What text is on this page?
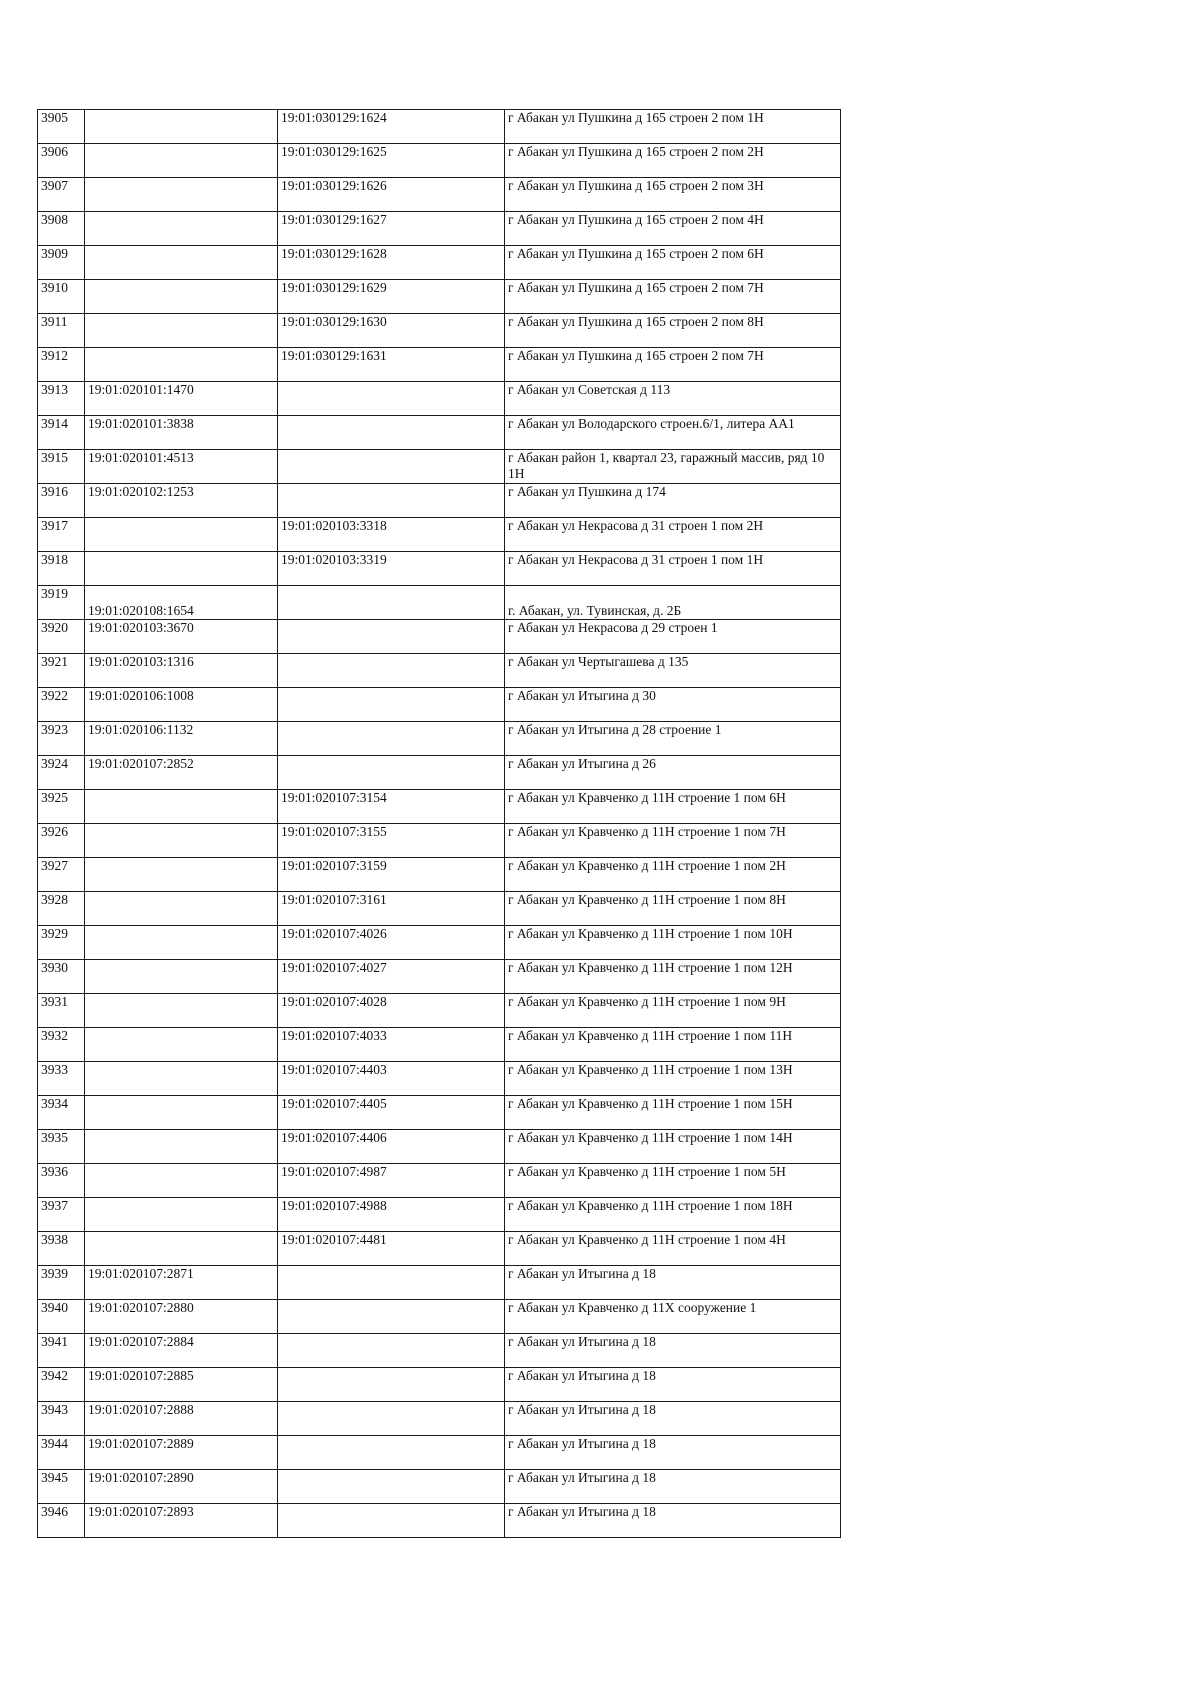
3905		19:01:030129:1624	г Абакан ул Пушкина д 165 строен 2 пом 1Н
3906		19:01:030129:1625	г Абакан ул Пушкина д 165 строен 2 пом 2Н
3907		19:01:030129:1626	г Абакан ул Пушкина д 165 строен 2 пом 3Н
3908		19:01:030129:1627	г Абакан ул Пушкина д 165 строен 2 пом 4Н
3909		19:01:030129:1628	г Абакан ул Пушкина д 165 строен 2 пом 6Н
3910		19:01:030129:1629	г Абакан ул Пушкина д 165 строен 2 пом 7Н
3911		19:01:030129:1630	г Абакан ул Пушкина д 165 строен 2 пом 8Н
3912		19:01:030129:1631	г Абакан ул Пушкина д 165 строен 2 пом 7Н
3913	19:01:020101:1470		г Абакан ул Советская д 113
3914	19:01:020101:3838		г Абакан ул Володарского строен.6/1, литера АА1
3915	19:01:020101:4513		г Абакан район 1, квартал 23, гаражный массив, ряд 10 1Н
3916	19:01:020102:1253		г Абакан ул Пушкина д 174
3917		19:01:020103:3318	г Абакан ул Некрасова д 31 строен 1 пом 2Н
3918		19:01:020103:3319	г Абакан ул Некрасова д 31 строен 1 пом 1Н
3919	19:01:020108:1654		г. Абакан, ул. Тувинская, д. 2Б
3920	19:01:020103:3670		г Абакан ул Некрасова д 29 строен 1
3921	19:01:020103:1316		г Абакан ул Чертыгашева д 135
3922	19:01:020106:1008		г Абакан ул Итыгина д 30
3923	19:01:020106:1132		г Абакан ул Итыгина д 28 строение 1
3924	19:01:020107:2852		г Абакан ул Итыгина д 26
3925		19:01:020107:3154	г Абакан ул Кравченко д 11Н строение 1 пом 6Н
3926		19:01:020107:3155	г Абакан ул Кравченко д 11Н строение 1 пом 7Н
3927		19:01:020107:3159	г Абакан ул Кравченко д 11Н строение 1 пом 2Н
3928		19:01:020107:3161	г Абакан ул Кравченко д 11Н строение 1 пом 8Н
3929		19:01:020107:4026	г Абакан ул Кравченко д 11Н строение 1 пом 10Н
3930		19:01:020107:4027	г Абакан ул Кравченко д 11Н строение 1 пом 12Н
3931		19:01:020107:4028	г Абакан ул Кравченко д 11Н строение 1 пом 9Н
3932		19:01:020107:4033	г Абакан ул Кравченко д 11Н строение 1 пом 11Н
3933		19:01:020107:4403	г Абакан ул Кравченко д 11Н строение 1 пом 13Н
3934		19:01:020107:4405	г Абакан ул Кравченко д 11Н строение 1 пом 15Н
3935		19:01:020107:4406	г Абакан ул Кравченко д 11Н строение 1 пом 14Н
3936		19:01:020107:4987	г Абакан ул Кравченко д 11Н строение 1 пом 5Н
3937		19:01:020107:4988	г Абакан ул Кравченко д 11Н строение 1 пом 18Н
3938		19:01:020107:4481	г Абакан ул Кравченко д 11Н строение 1 пом 4Н
3939	19:01:020107:2871		г Абакан ул Итыгина д 18
3940	19:01:020107:2880		г Абакан ул Кравченко д 11Х сооружение 1
3941	19:01:020107:2884		г Абакан ул Итыгина д 18
3942	19:01:020107:2885		г Абакан ул Итыгина д 18
3943	19:01:020107:2888		г Абакан ул Итыгина д 18
3944	19:01:020107:2889		г Абакан ул Итыгина д 18
3945	19:01:020107:2890		г Абакан ул Итыгина д 18
3946	19:01:020107:2893		г Абакан ул Итыгина д 18
